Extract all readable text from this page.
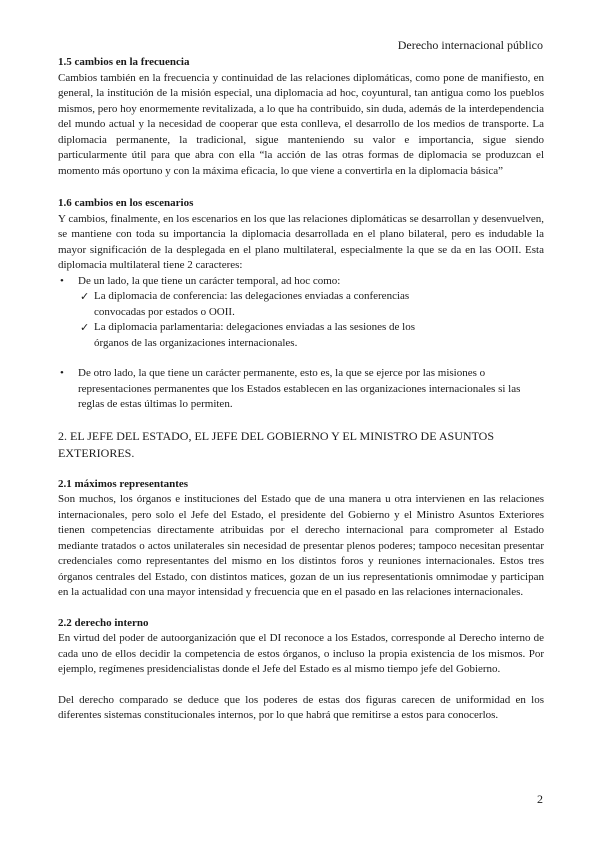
Derecho internacional público

1.5 cambios en la frecuencia

Cambios también en la frecuencia y continuidad de las relaciones diplomáticas, como pone de manifiesto, en general, la institución de la misión especial, una diplomacia ad hoc, coyuntural, tan antigua como los pueblos mismos, pero hoy enormemente revitalizada, a lo que ha contribuido, sin duda, además de la interdependencia del mundo actual y la necesidad de cooperar que esta conlleva, el desarrollo de los medios de transporte. La diplomacia permanente, la tradicional, sigue manteniendo su valor e importancia, sigue siendo particularmente útil para que abra con ella “la acción de las otras formas de diplomacia se produzcan el momento más oportuno y con la máxima eficacia, lo que viene a convertirla en la diplomacia básica”

1.6 cambios en los escenarios

Y cambios, finalmente, en los escenarios en los que las relaciones diplomáticas se desarrollan y desenvuelven, se mantiene con toda su importancia la diplomacia desarrollada en el plano bilateral, pero es indudable la mayor significación de la desplegada en el plano multilateral, especialmente la que se da en las OOII. Esta diplomacia multilateral tiene 2 caracteres:

•	De un lado, la que tiene un carácter temporal, ad hoc como:
✓ La diplomacia de conferencia: las delegaciones enviadas a conferencias convocadas por estados o OOII.
✓ La diplomacia parlamentaria: delegaciones enviadas a las sesiones de los órganos de las organizaciones internacionales.
•	De otro lado, la que tiene un carácter permanente, esto es, la que se ejerce por las misiones o representaciones permanentes que los Estados establecen en las organizaciones internacionales si las reglas de estas últimas lo permiten.

2. EL JEFE DEL ESTADO, EL JEFE DEL GOBIERNO Y EL MINISTRO DE ASUNTOS EXTERIORES.

2.1 máximos representantes

Son muchos, los órganos e instituciones del Estado que de una manera u otra intervienen en las relaciones internacionales, pero solo el Jefe del Estado, el presidente del Gobierno y el Ministro Asuntos Exteriores tienen competencias directamente atribuidas por el derecho internacional para comprometer al Estado mediante tratados o actos unilaterales sin necesidad de presentar plenos poderes; tampoco necesitan presentar credenciales como representantes del mismo en los distintos foros y reuniones internacionales. Estos tres órganos centrales del Estado, con distintos matices, gozan de un ius representationis omnimodae y participan en la actualidad con una mayor intensidad y frecuencia que en el pasado en las relaciones internacionales.

2.2 derecho interno

En virtud del poder de autoorganización que el DI reconoce a los Estados, corresponde al Derecho interno de cada uno de ellos decidir la competencia de estos órganos, o incluso la propia existencia de los mismos. Por ejemplo, regímenes presidencialistas donde el Jefe del Estado es al mismo tiempo jefe del Gobierno.

Del derecho comparado se deduce que los poderes de estas dos figuras carecen de uniformidad en los diferentes sistemas constitucionales internos, por lo que habrá que remitirse a estos para conocerlos.

2
